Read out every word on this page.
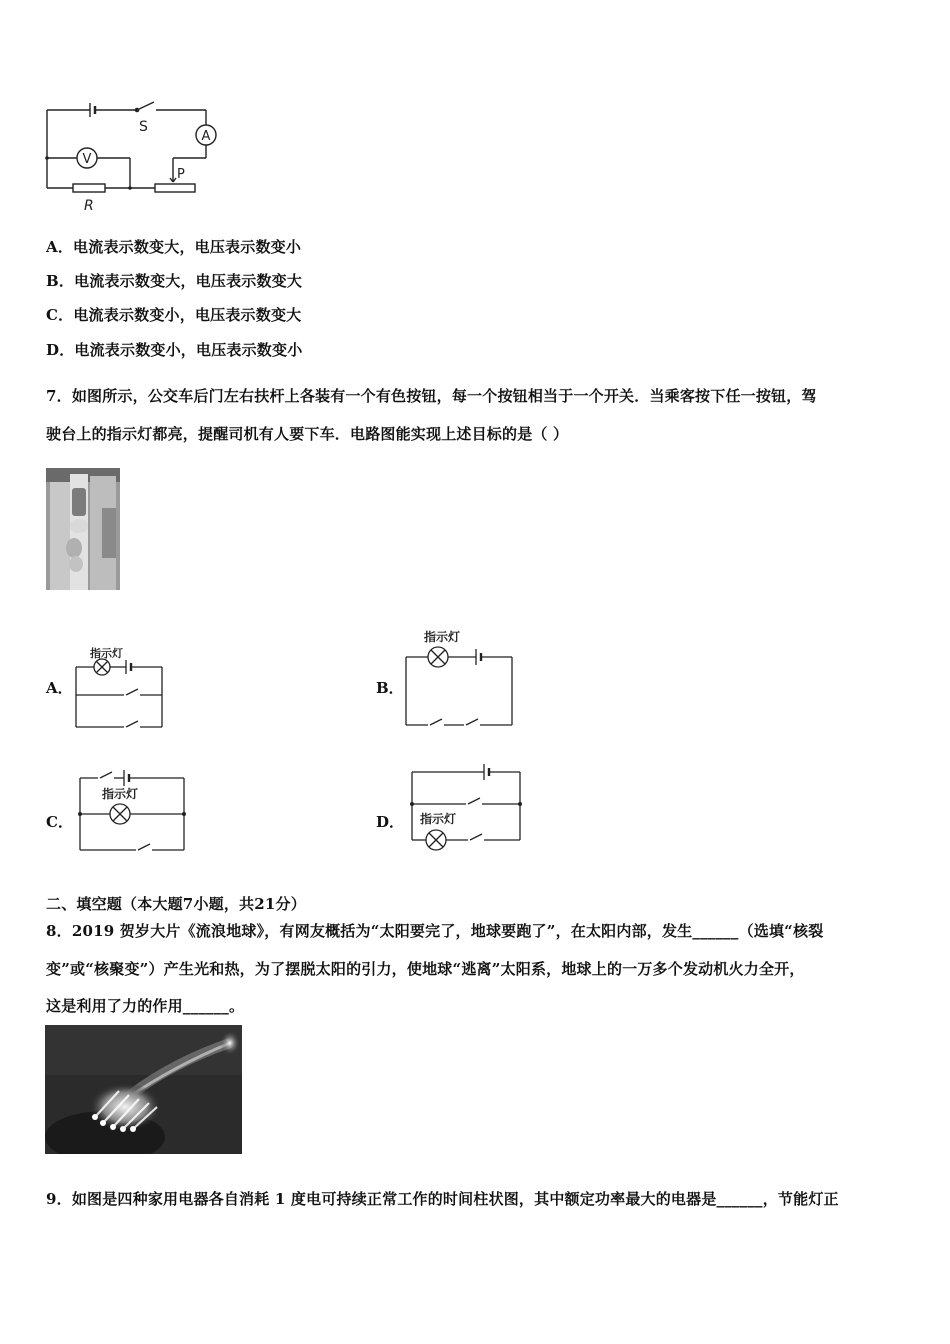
A
V
S
P
R
A．电流表示数变大，电压表示数变小
B．电流表示数变大，电压表示数变大
C．电流表示数变小，电压表示数变大
D．电流表示数变小，电压表示数变小
7．如图所示，公交车后门左右扶杆上各装有一个有色按钮，每一个按钮相当于一个开关．当乘客按下任一按钮，驾
驶台上的指示灯都亮，提醒司机有人要下车．电路图能实现上述目标的是（ ）
A．
指示灯
B．
指示灯
C．
指示灯
D． 指示灯
二、填空题（本大题7小题，共21分）
8．2019 贺岁大片《流浪地球》，有网友概括为“太阳要完了，地球要跑了”，在太阳内部，发生______（选填“核裂
变”或“核聚变”）产生光和热，为了摆脱太阳的引力，使地球“逃离”太阳系，地球上的一万多个发动机火力全开，
这是利用了力的作用______。
9．如图是四种家用电器各自消耗 1 度电可持续正常工作的时间柱状图，其中额定功率最大的电器是______，节能灯正
